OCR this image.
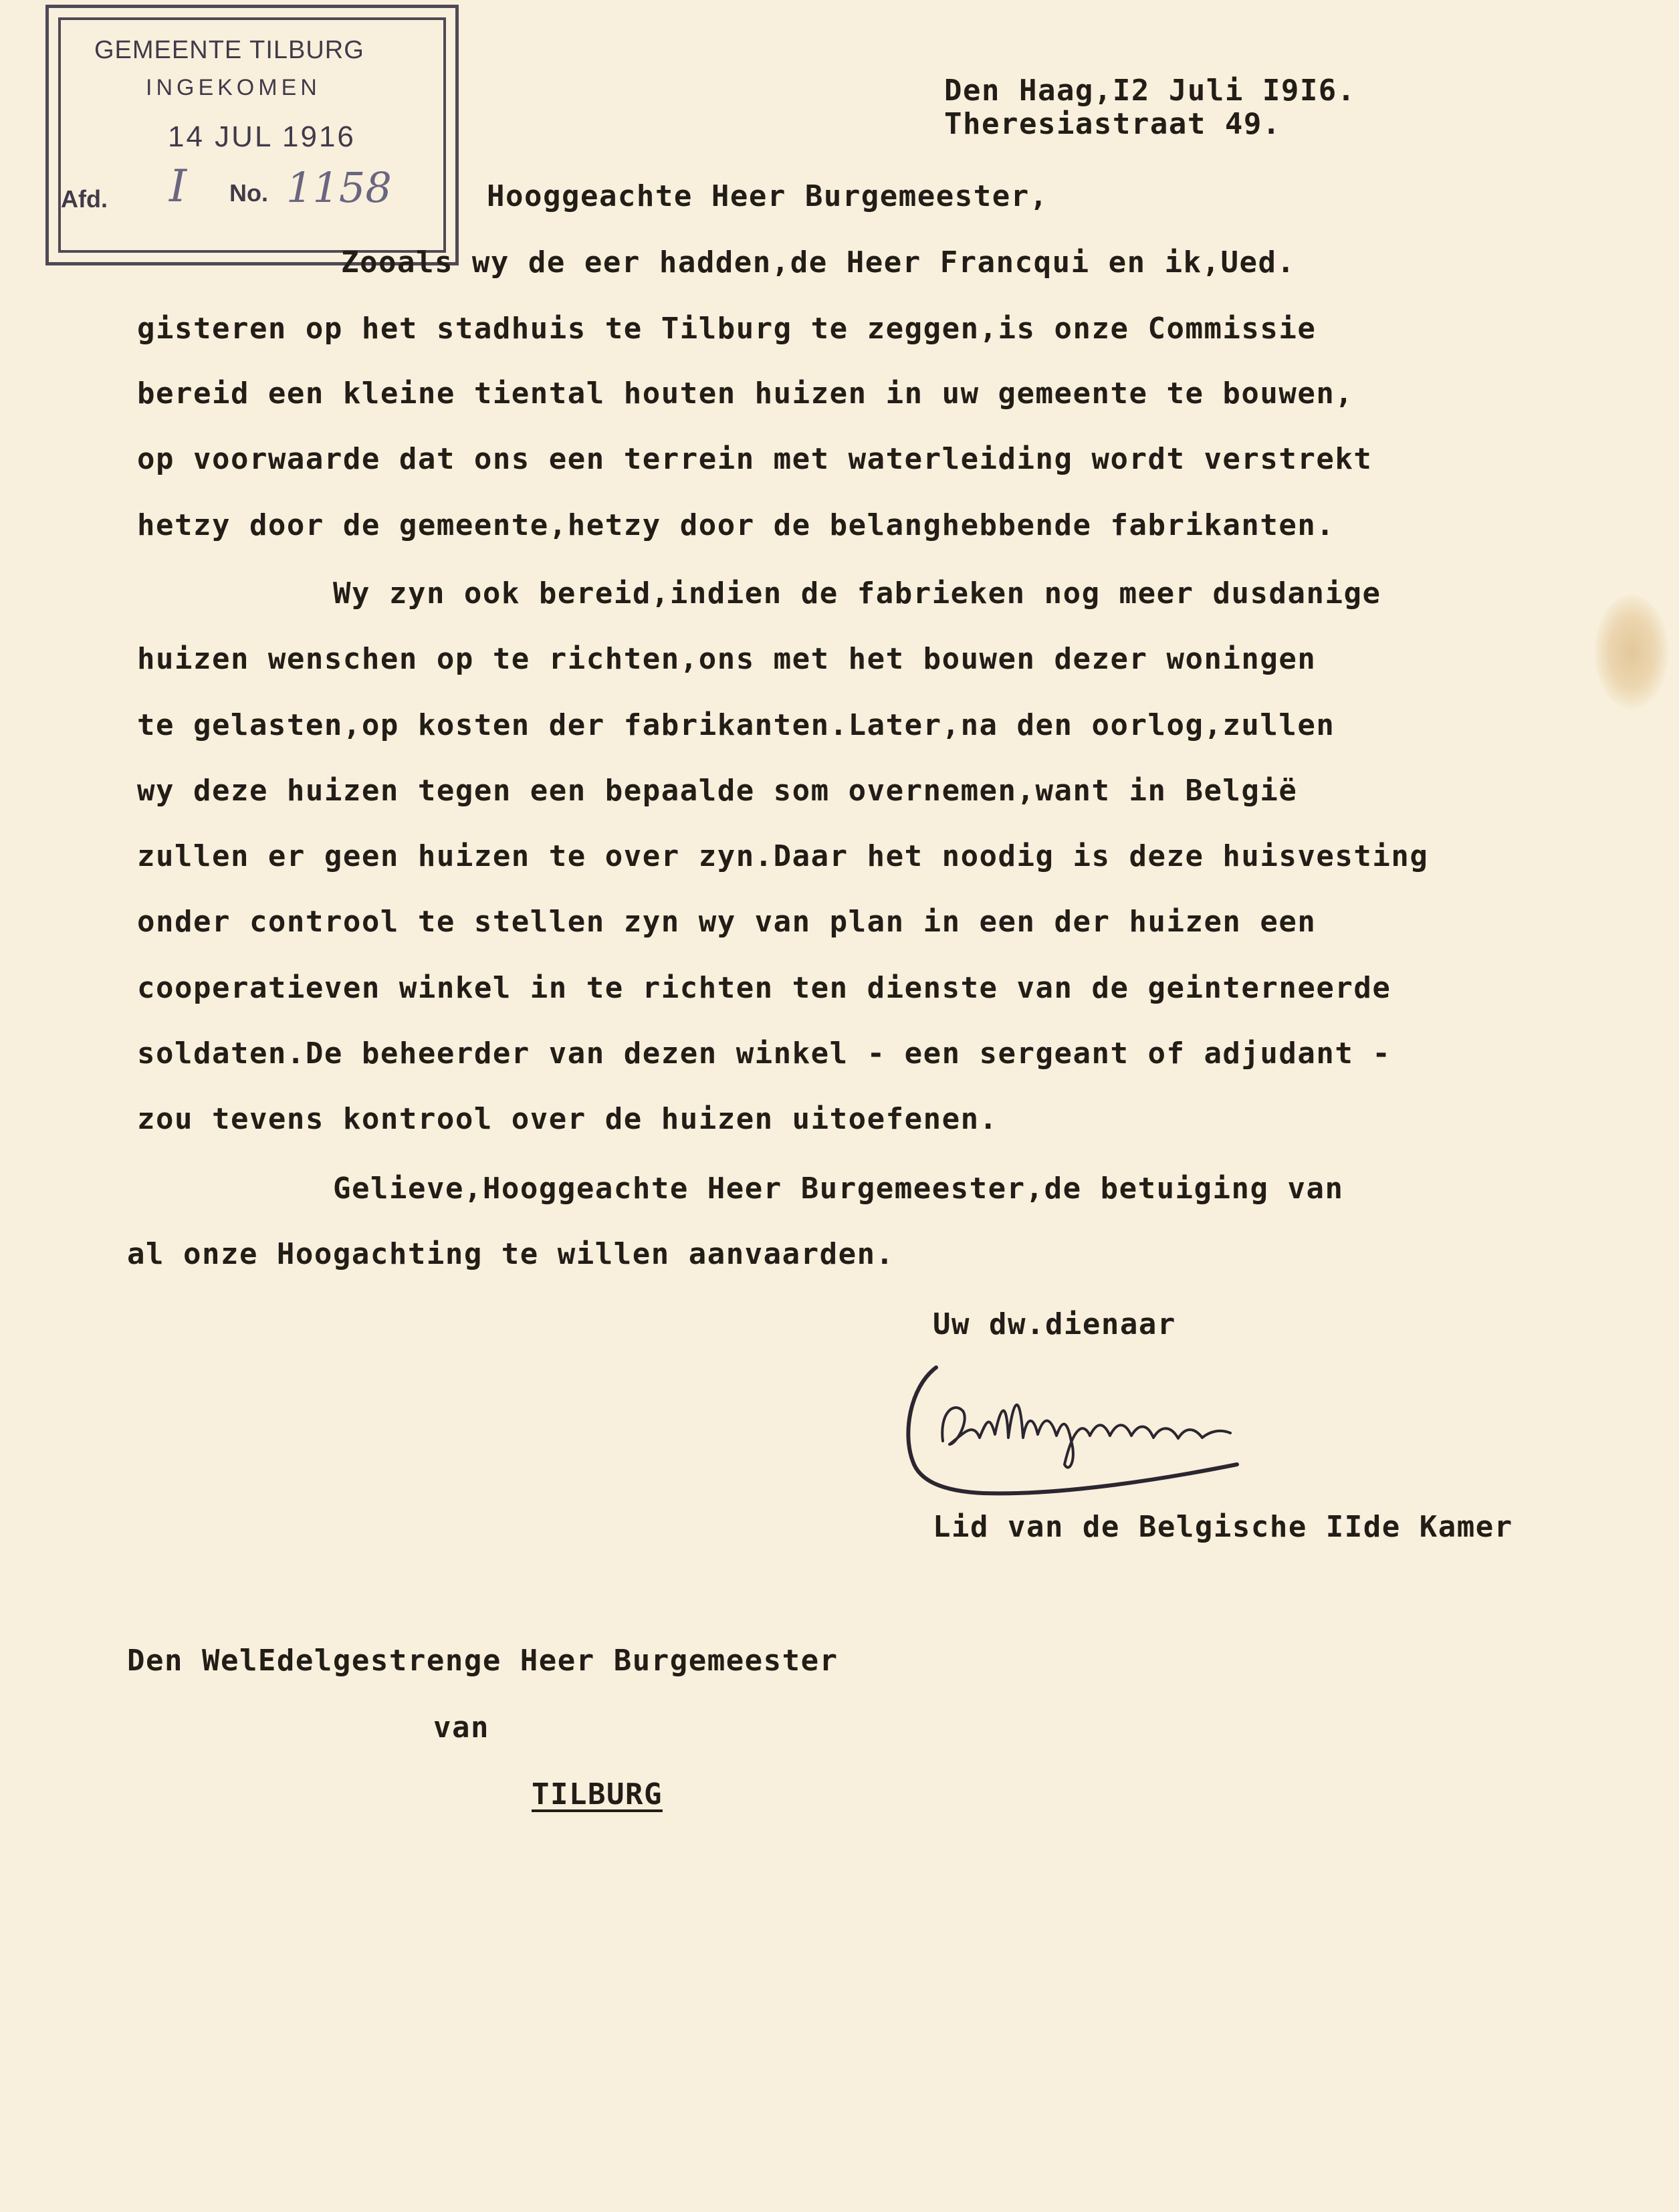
GEMEENTE TILBURG
INGEKOMEN
14 JUL 1916
Afd. I No. 1158
Den Haag,I2 Juli I9I6.
Theresiastraat 49.
Hooggeachte Heer Burgemeester,
Zooals wy de eer hadden,de Heer Francqui en ik,Ued.
gisteren op het stadhuis te Tilburg te zeggen,is onze Commissie
bereid een kleine tiental houten huizen in uw gemeente te bouwen,
op voorwaarde dat ons een terrein met waterleiding wordt verstrekt
hetzy door de gemeente,hetzy door de belanghebbende fabrikanten.
Wy zyn ook bereid,indien de fabrieken nog meer dusdanige
huizen wenschen op te richten,ons met het bouwen dezer woningen
te gelasten,op kosten der fabrikanten.Later,na den oorlog,zullen
wy deze huizen tegen een bepaalde som overnemen,want in België
zullen er geen huizen te over zyn.Daar het noodig is deze huisvesting
onder controol te stellen zyn wy van plan in een der huizen een
cooperatieven winkel in te richten ten dienste van de geinterneerde
soldaten.De beheerder van dezen winkel - een sergeant of adjudant -
zou tevens kontrool over de huizen uitoefenen.
Gelieve,Hooggeachte Heer Burgemeester,de betuiging van
al onze Hoogachting te willen aanvaarden.
Uw dw.dienaar
Lid van de Belgische IIde Kamer
Den WelEdelgestrenge Heer Burgemeester
van
TILBURG
